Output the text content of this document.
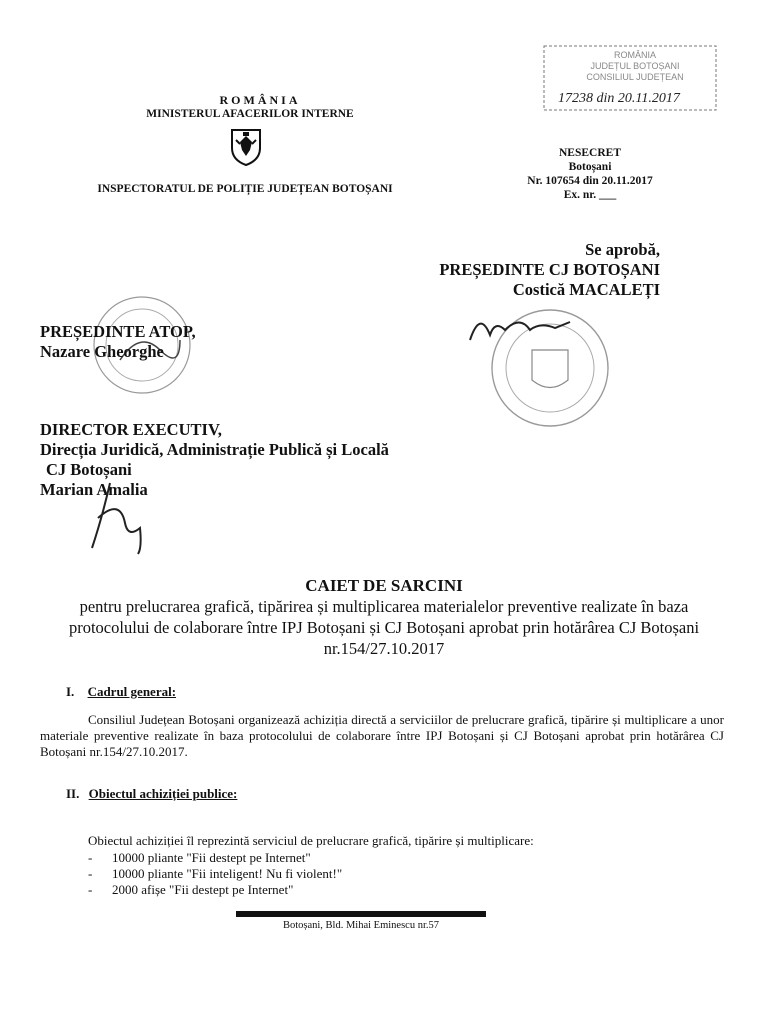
ROMÂNIA
MINISTERUL AFACERILOR INTERNE
INSPECTORATUL DE POLIȚIE JUDEȚEAN BOTOȘANI
ROMÂNIA
JUDEȚUL BOTOȘANI
CONSILIUL JUDEȚEAN
17238 din 20.11.2017
NESECRET
Botoșani
Nr. 107654 din 20.11.2017
Ex. nr. ___
Se aprobă,
PREȘEDINTE CJ BOTOȘANI
Costică MACALEȚI
PREȘEDINTE ATOP,
Nazare Gheorghe
DIRECTOR EXECUTIV,
Direcția Juridică, Administrație Publică și Locală
CJ Botoșani
Marian Amalia
CAIET DE SARCINI
pentru prelucrarea grafică, tipărirea și multiplicarea materialelor preventive realizate în baza protocolului de colaborare între IPJ Botoșani și CJ Botoșani aprobat prin hotărârea CJ Botoșani nr.154/27.10.2017
I. Cadrul general:
Consiliul Județean Botoșani organizează achiziția directă a serviciilor de prelucrare grafică, tipărire și multiplicare a unor materiale preventive realizate în baza protocolului de colaborare între IPJ Botoșani și CJ Botoșani aprobat prin hotărârea CJ Botoșani nr.154/27.10.2017.
II. Obiectul achiziției publice:
Obiectul achiziției îl reprezintă serviciul de prelucrare grafică, tipărire și multiplicare:
- 10000 pliante "Fii destept pe Internet"
- 10000 pliante "Fii inteligent! Nu fi violent!"
- 2000 afișe "Fii destept pe Internet"
Botoșani, Bld. Mihai Eminescu nr.57
